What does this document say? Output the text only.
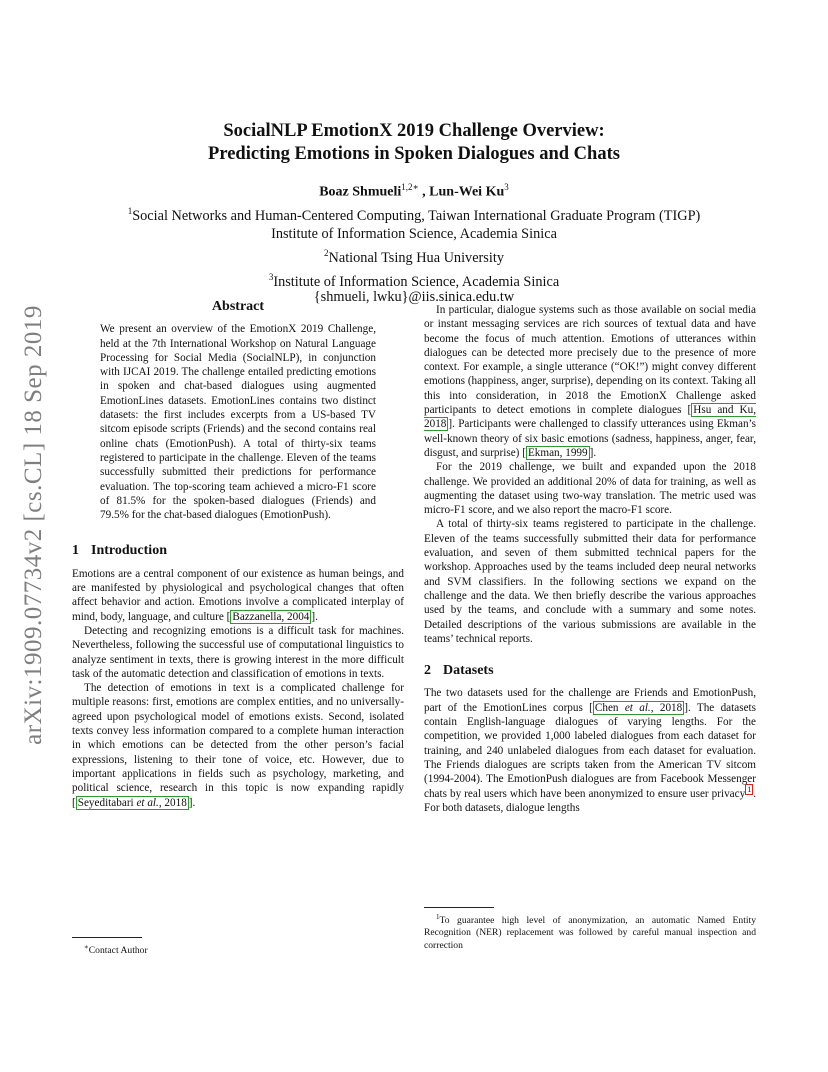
arXiv:1909.07734v2 [cs.CL] 18 Sep 2019
SocialNLP EmotionX 2019 Challenge Overview:
Predicting Emotions in Spoken Dialogues and Chats
Boaz Shmueli$^{1,2∗}$ , Lun-Wei Ku$^3$
$^1$Social Networks and Human-Centered Computing, Taiwan International Graduate Program (TIGP)
Institute of Information Science, Academia Sinica
$^2$National Tsing Hua University
$^3$Institute of Information Science, Academia Sinica
{shmueli, lwku}@iis.sinica.edu.tw
Abstract

We present an overview of the EmotionX 2019 Challenge, held at the 7th International Workshop on Natural Language Processing for Social Media (SocialNLP), in conjunction with IJCAI 2019. The challenge entailed predicting emotions in spoken and chat-based dialogues using augmented EmotionLines datasets. EmotionLines contains two distinct datasets: the first includes excerpts from a US-based TV sitcom episode scripts (Friends) and the second contains real online chats (EmotionPush). A total of thirty-six teams registered to participate in the challenge. Eleven of the teams successfully submitted their predictions for performance evaluation. The top-scoring team achieved a micro-F1 score of 81.5% for the spoken-based dialogues (Friends) and 79.5% for the chat-based dialogues (EmotionPush).

1 Introduction

Emotions are a central component of our existence as human beings, and are manifested by physiological and psychological changes that often affect behavior and action. Emotions involve a complicated interplay of mind, body, language, and culture [ Bazzanella, 2004 ].

Detecting and recognizing emotions is a difficult task for machines. Nevertheless, following the successful use of computational linguistics to analyze sentiment in texts, there is growing interest in the more difficult task of the automatic detection and classification of emotions in texts.

The detection of emotions in text is a complicated challenge for multiple reasons: first, emotions are complex entities, and no universally-agreed upon psychological model of emotions exists. Second, isolated texts convey less information compared to a complete human interaction in which emotions can be detected from the other person’s facial expressions, listening to their tone of voice, etc. However, due to important applications in fields such as psychology, marketing, and political science, research in this topic is now expanding rapidly [ Seyeditabari et al., 2018 ].

In particular, dialogue systems such as those available on social media or instant messaging services are rich sources of textual data and have become the focus of much attention. Emotions of utterances within dialogues can be detected more precisely due to the presence of more context. For example, a single utterance (“OK!”) might convey different emotions (happiness, anger, surprise), depending on its context. Taking all this into consideration, in 2018 the EmotionX Challenge asked participants to detect emotions in complete dialogues [ Hsu and Ku, 2018 ]. Participants were challenged to classify utterances using Ekman’s well-known theory of six basic emotions (sadness, happiness, anger, fear, disgust, and surprise) [ Ekman, 1999 ].

For the 2019 challenge, we built and expanded upon the 2018 challenge. We provided an additional 20% of data for training, as well as augmenting the dataset using two-way translation. The metric used was micro-F1 score, and we also report the macro-F1 score.

A total of thirty-six teams registered to participate in the challenge. Eleven of the teams successfully submitted their data for performance evaluation, and seven of them submitted technical papers for the workshop. Approaches used by the teams included deep neural networks and SVM classifiers. In the following sections we expand on the challenge and the data. We then briefly describe the various approaches used by the teams, and conclude with a summary and some notes. Detailed descriptions of the various submissions are available in the teams’ technical reports.

2 Datasets

The two datasets used for the challenge are Friends and EmotionPush, part of the EmotionLines corpus [ Chen et al., 2018 ]. The datasets contain English-language dialogues of varying lengths. For the competition, we provided 1,000 labeled dialogues from each dataset for training, and 240 unlabeled dialogues from each dataset for evaluation. The Friends dialogues are scripts taken from the American TV sitcom (1994-2004). The EmotionPush dialogues are from Facebook Messenger chats by real users which have been anonymized to ensure user privacy $^1$ . For both datasets, dialogue lengths

∗Contact Author
$^1$To guarantee high level of anonymization, an automatic Named Entity Recognition (NER) replacement was followed by careful manual inspection and correction
